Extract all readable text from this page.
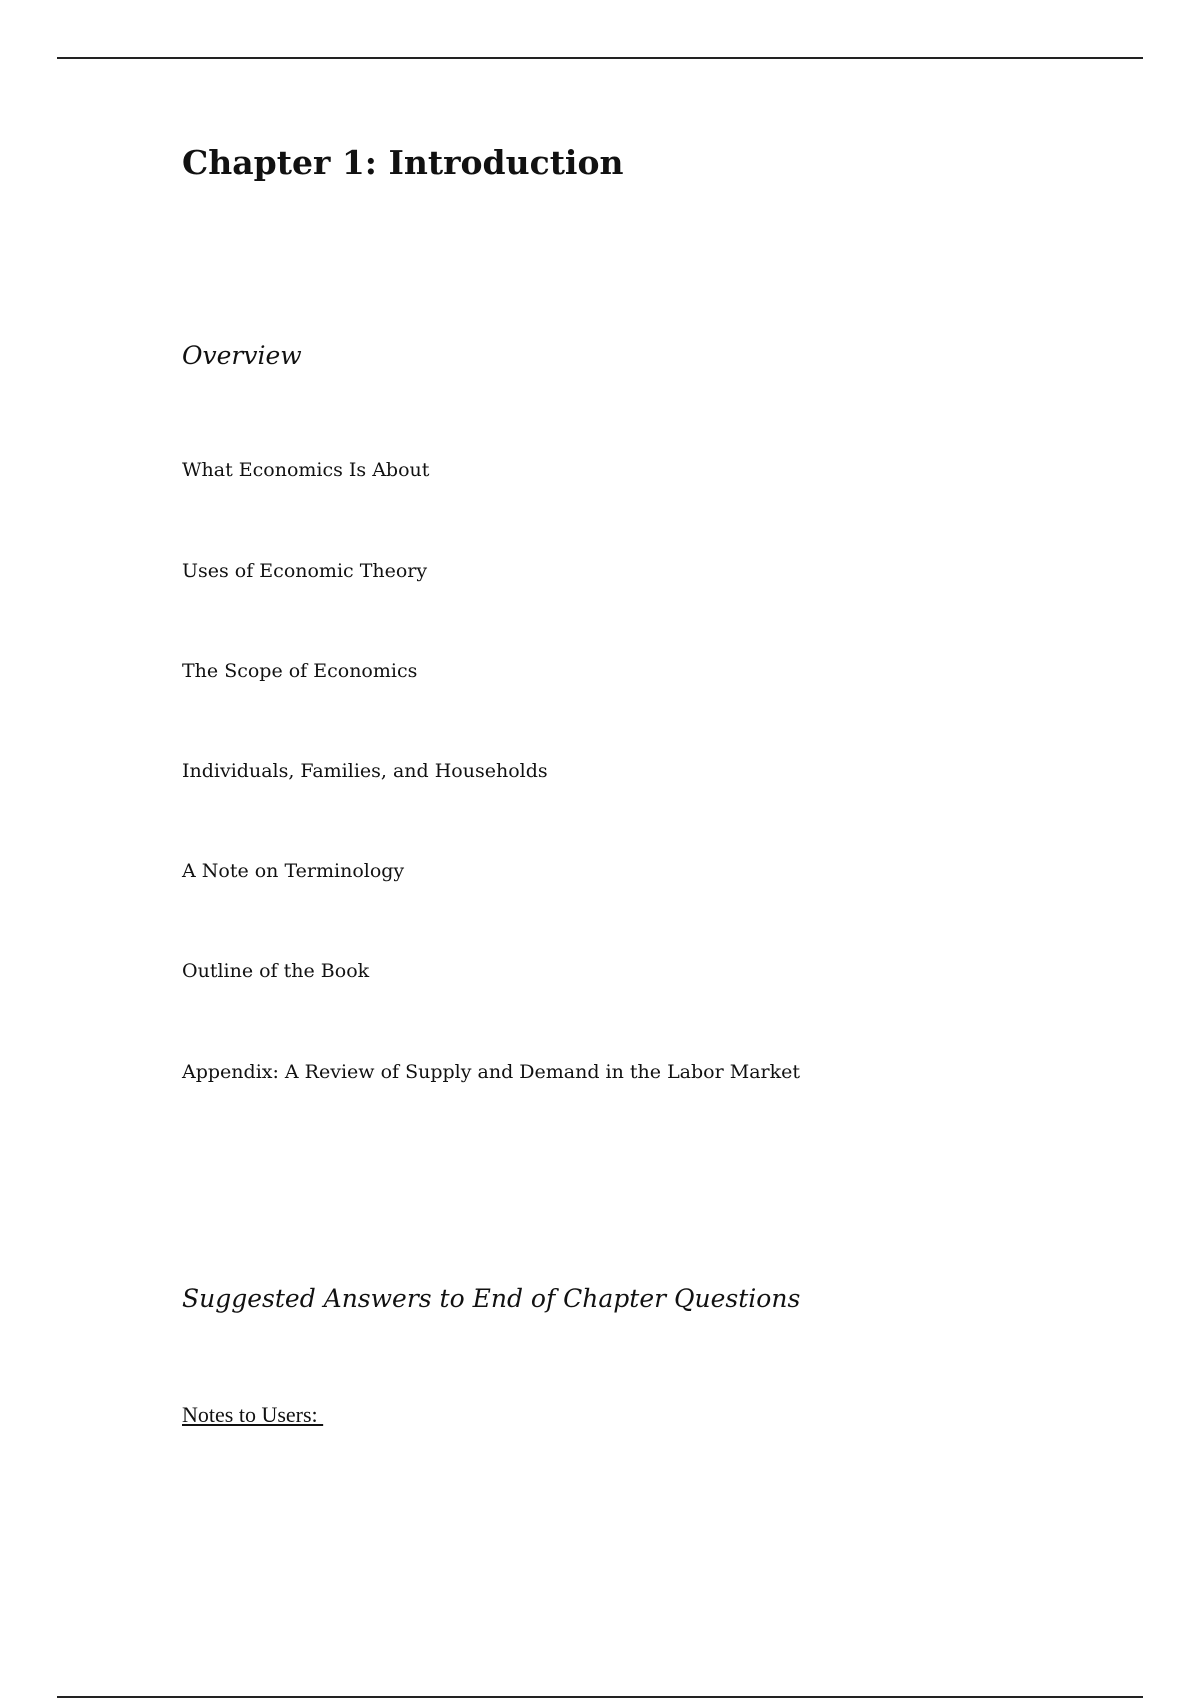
Chapter 1: Introduction
Overview
What Economics Is About
Uses of Economic Theory
The Scope of Economics
Individuals, Families, and Households
A Note on Terminology
Outline of the Book
Appendix: A Review of Supply and Demand in the Labor Market
Suggested Answers to End of Chapter Questions
Notes to Users:
